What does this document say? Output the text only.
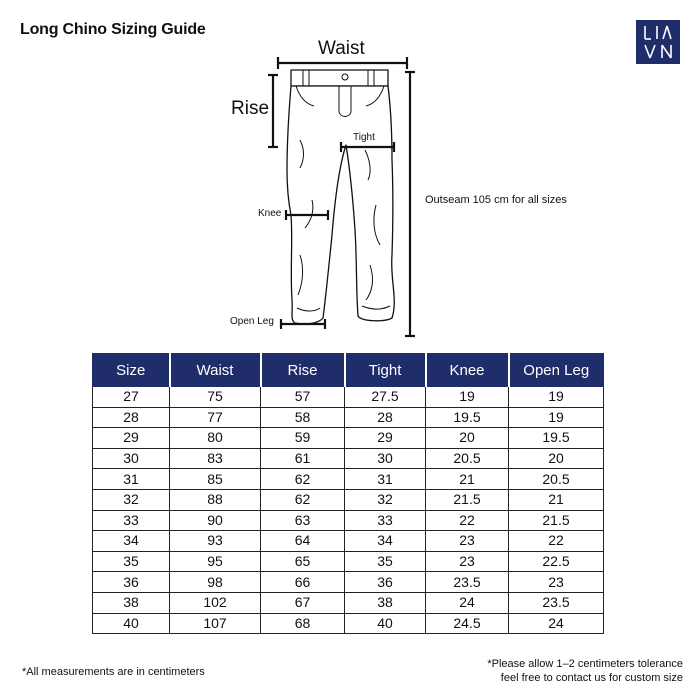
Long Chino Sizing Guide
Waist
Rise
Tight
Knee
Open Leg
Outseam 105 cm for all sizes
Size	Waist	Rise	Tight	Knee	Open Leg
27	75	57	27.5	19	19
28	77	58	28	19.5	19
29	80	59	29	20	19.5
30	83	61	30	20.5	20
31	85	62	31	21	20.5
32	88	62	32	21.5	21
33	90	63	33	22	21.5
34	93	64	34	23	22
35	95	65	35	23	22.5
36	98	66	36	23.5	23
38	102	67	38	24	23.5
40	107	68	40	24.5	24
*All measurements are in centimeters
*Please allow 1–2 centimeters tolerance
feel free to contact us for custom size
